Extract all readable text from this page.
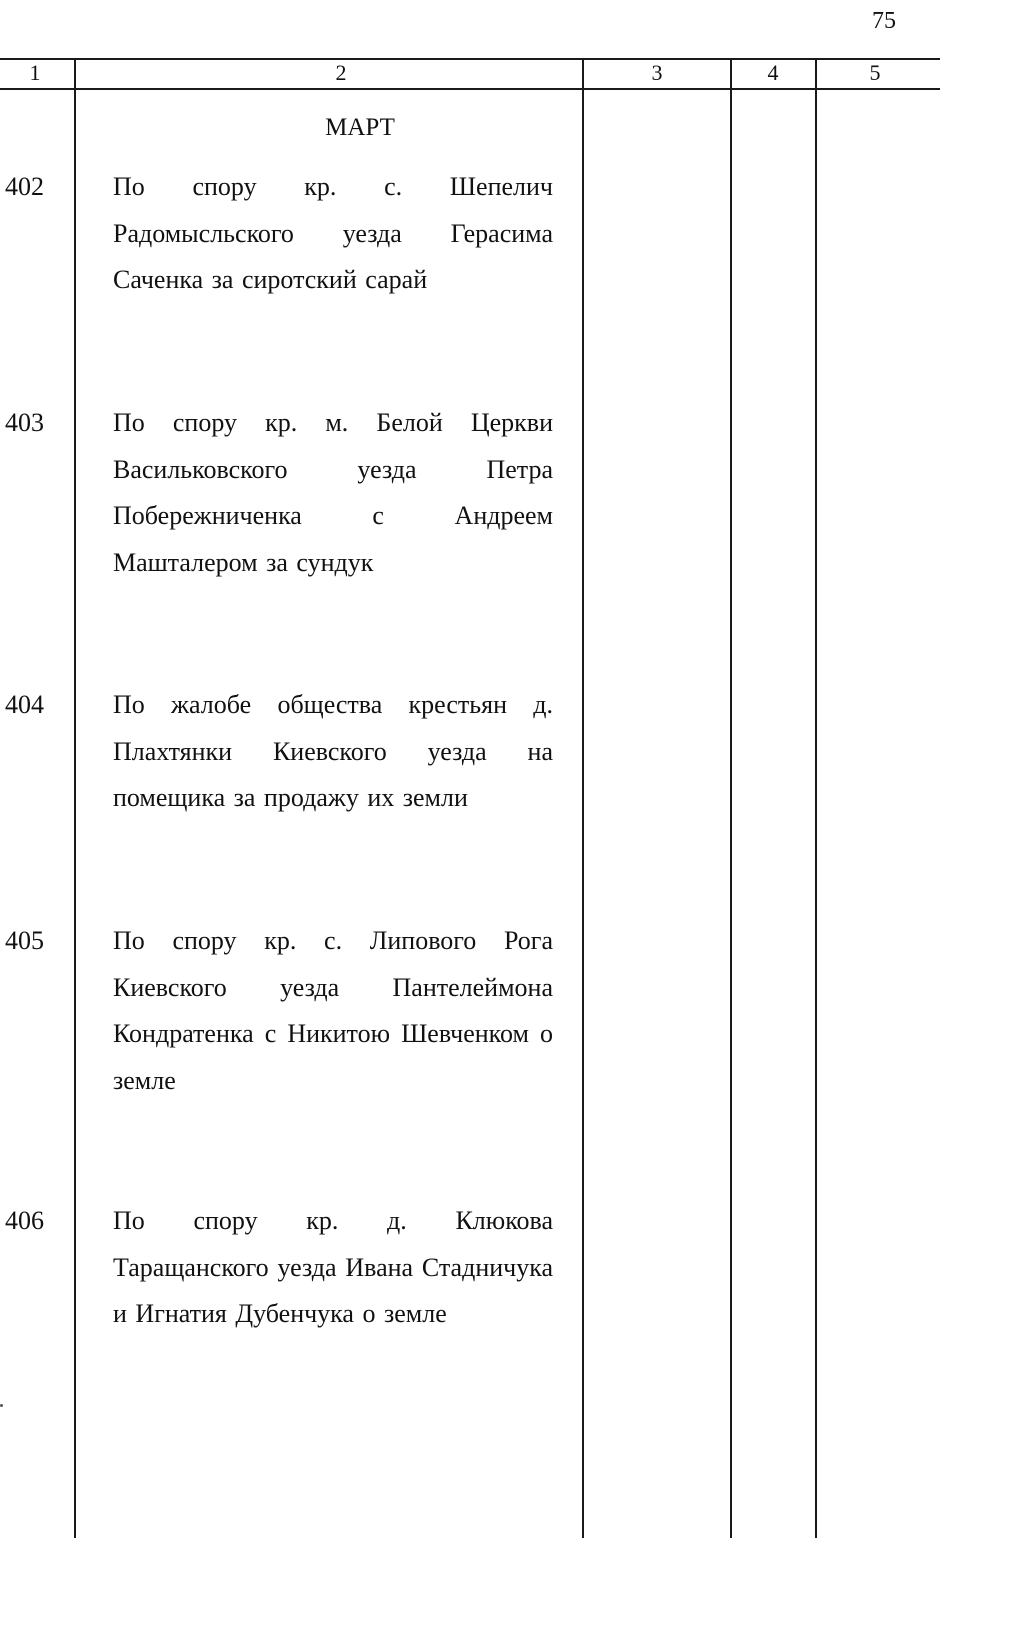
75
1	2	3	4	5
МАРТ
402	По спору кр. с. Шепелич Радомысльского уезда Герасима Саченка за сиротский сарай
403	По спору кр. м. Белой Церкви Васильковского уезда Петра Побережниченка с Андреем Машталером за сундук
404	По жалобе общества крестьян д. Плахтянки Киевского уезда на помещика за продажу их земли
405	По спору кр. с. Липового Рога Киевского уезда Пантелеймона Кондратенка с Никитою Шевченком о земле
406	По спору кр. д. Клюкова Таращанского уезда Ивана Стадничука и Игнатия Дубенчука о земле
